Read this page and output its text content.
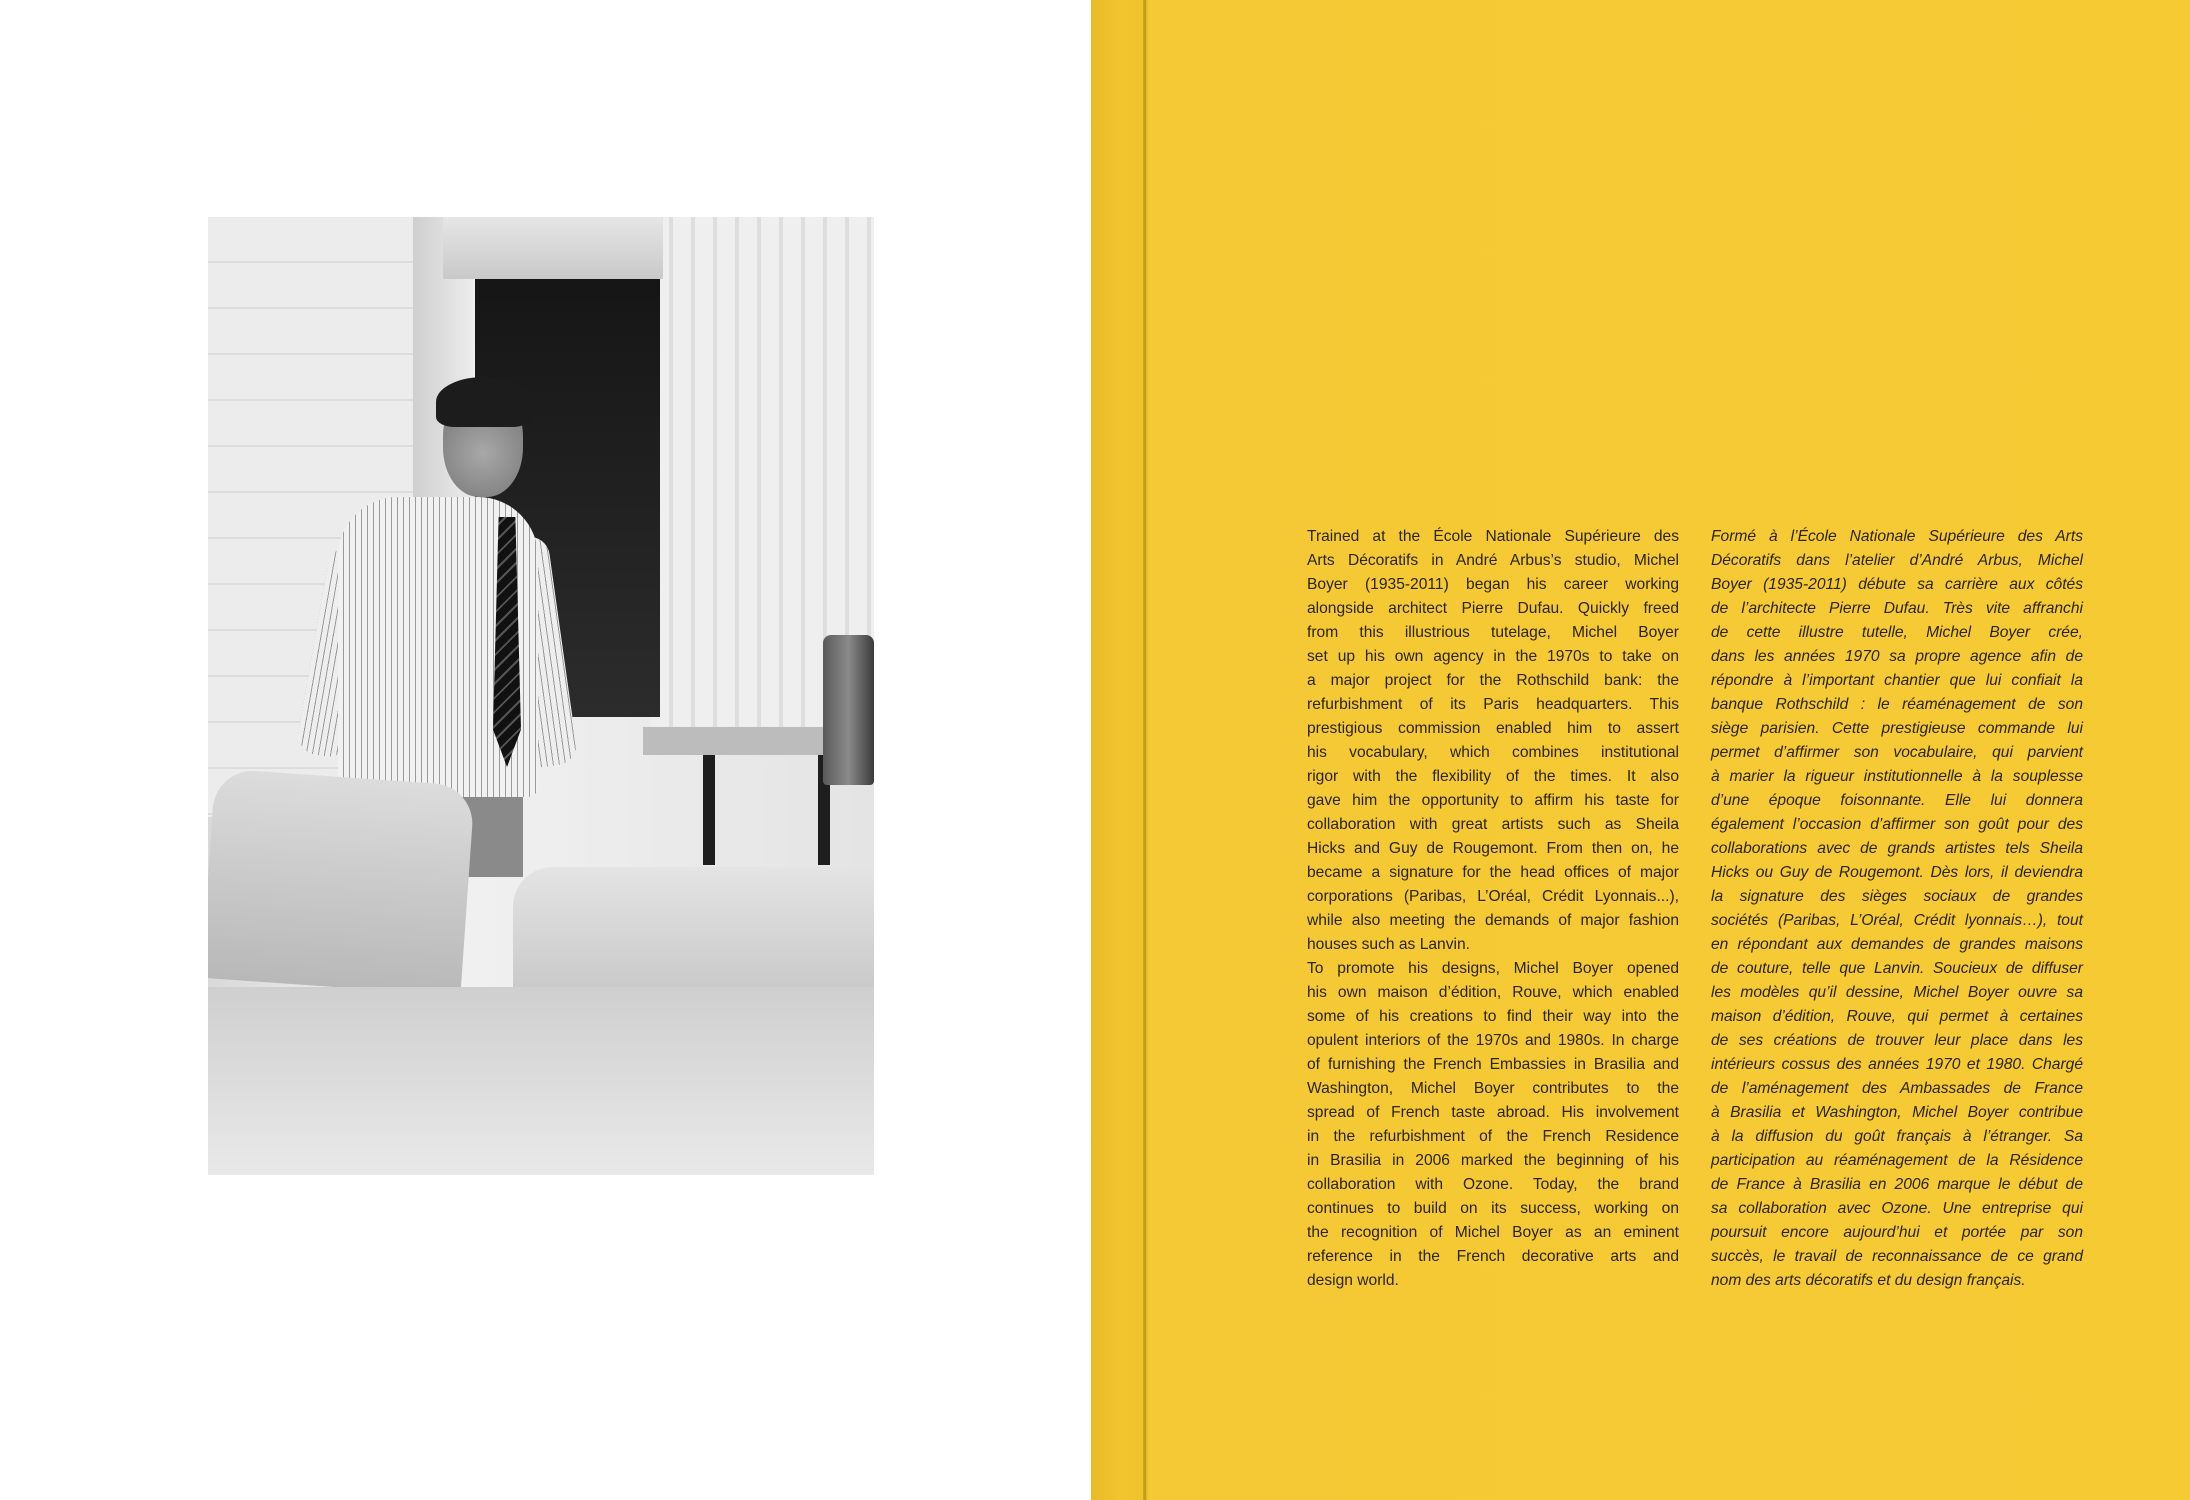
Trained at the École Nationale Supérieure des
Arts Décoratifs in André Arbus’s studio, Michel
Boyer (1935-2011) began his career working
alongside architect Pierre Dufau. Quickly freed
from this illustrious tutelage, Michel Boyer
set up his own agency in the 1970s to take on
a major project for the Rothschild bank: the
refurbishment of its Paris headquarters. This
prestigious commission enabled him to assert
his vocabulary, which combines institutional
rigor with the flexibility of the times. It also
gave him the opportunity to affirm his taste for
collaboration with great artists such as Sheila
Hicks and Guy de Rougemont. From then on, he
became a signature for the head offices of major
corporations (Paribas, L’Oréal, Crédit Lyonnais...),
while also meeting the demands of major fashion
houses such as Lanvin.
To promote his designs, Michel Boyer opened
his own maison d’édition, Rouve, which enabled
some of his creations to find their way into the
opulent interiors of the 1970s and 1980s. In charge
of furnishing the French Embassies in Brasilia and
Washington, Michel Boyer contributes to the
spread of French taste abroad. His involvement
in the refurbishment of the French Residence
in Brasilia in 2006 marked the beginning of his
collaboration with Ozone. Today, the brand
continues to build on its success, working on
the recognition of Michel Boyer as an eminent
reference in the French decorative arts and
design world.
Formé à l’École Nationale Supérieure des Arts
Décoratifs dans l’atelier d’André Arbus, Michel
Boyer (1935-2011) débute sa carrière aux côtés
de l’architecte Pierre Dufau. Très vite affranchi
de cette illustre tutelle, Michel Boyer crée,
dans les années 1970 sa propre agence afin de
répondre à l’important chantier que lui confiait la
banque Rothschild : le réaménagement de son
siège parisien. Cette prestigieuse commande lui
permet d’affirmer son vocabulaire, qui parvient
à marier la rigueur institutionnelle à la souplesse
d’une époque foisonnante. Elle lui donnera
également l’occasion d’affirmer son goût pour des
collaborations avec de grands artistes tels Sheila
Hicks ou Guy de Rougemont. Dès lors, il deviendra
la signature des sièges sociaux de grandes
sociétés (Paribas, L’Oréal, Crédit lyonnais…), tout
en répondant aux demandes de grandes maisons
de couture, telle que Lanvin. Soucieux de diffuser
les modèles qu’il dessine, Michel Boyer ouvre sa
maison d’édition, Rouve, qui permet à certaines
de ses créations de trouver leur place dans les
intérieurs cossus des années 1970 et 1980. Chargé
de l’aménagement des Ambassades de France
à Brasilia et Washington, Michel Boyer contribue
à la diffusion du goût français à l’étranger. Sa
participation au réaménagement de la Résidence
de France à Brasilia en 2006 marque le début de
sa collaboration avec Ozone. Une entreprise qui
poursuit encore aujourd’hui et portée par son
succès, le travail de reconnaissance de ce grand
nom des arts décoratifs et du design français.
